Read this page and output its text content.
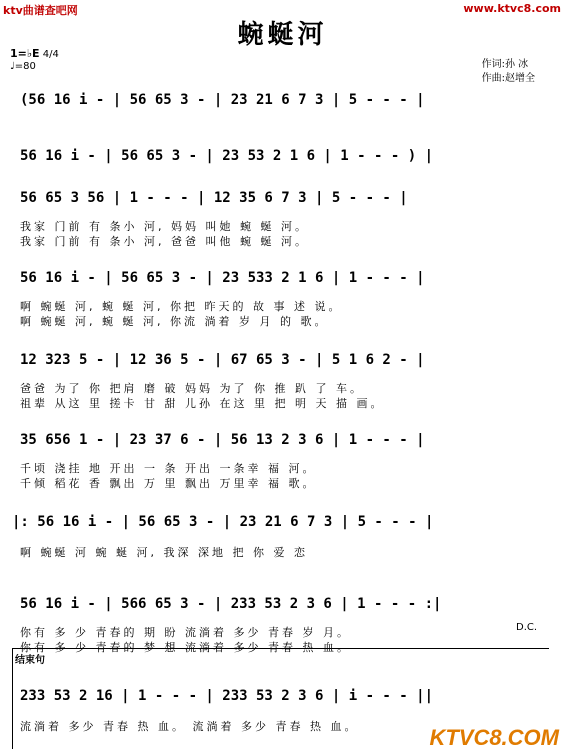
ktv曲谱查吧网	www.ktvc8.com
蜿蜒河
1=♭E 4/4
♩=80	作词:孙 冰
作曲:赵增全
(56 16 i - | 56 65 3 - | 23 21 6 7 3 | 5 - - - |
56 16 i - | 56 65 3 - | 23 53 2 1 6 | 1 - - - ) |
56 65 3 56 | 1 - - - | 12 35 6 7 3 | 5 - - - |
我家 门前 有 条小 河, 妈妈 叫她 蜿 蜒 河。
我家 门前 有 条小 河, 爸爸 叫他 蜿 蜒 河。
56 16 i - | 56 65 3 - | 23 533 2 1 6 | 1 - - - |
啊 蜿蜒 河, 蜿 蜒 河, 你把 昨天的 故 事 述 说。
啊 蜿蜒 河, 蜿 蜒 河, 你流 淌着 岁 月 的 歌。
12 323 5 - | 12 36 5 - | 67 65 3 - | 5 1 6 2 - |
爸爸 为了 你 把肩 磨 破 妈妈 为了 你 推 趴 了 车。
祖辈 从这 里 搓卡 甘 甜 儿孙 在这 里 把 明 天 描 画。
35 656 1 - | 23 37 6 - | 56 13 2 3 6 | 1 - - - |
千顷 浇挂 地 开出 一 条 开出 一条幸 福 河。
千倾 稻花 香 飘出 万 里 飘出 万里幸 福 歌。
|: 56 16 i - | 56 65 3 - | 23 21 6 7 3 | 5 - - - |
啊 蜿蜒 河 蜿 蜒 河, 我深 深地 把 你 爱 恋
56 16 i - | 566 65 3 - | 233 53 2 3 6 | 1 - - - :|
你有 多 少 青春的 期 盼 流淌着 多少 青春 岁 月。
你有 多 少 青春的 梦 想 流淌着 多少 青春 热 血。
D.C.
结束句
233 53 2 16 | 1 - - - | 233 53 2 3 6 | i - - - ||
流淌着 多少 青春 热 血。 流淌着 多少 青春 热 血。	KTVC8.COM
